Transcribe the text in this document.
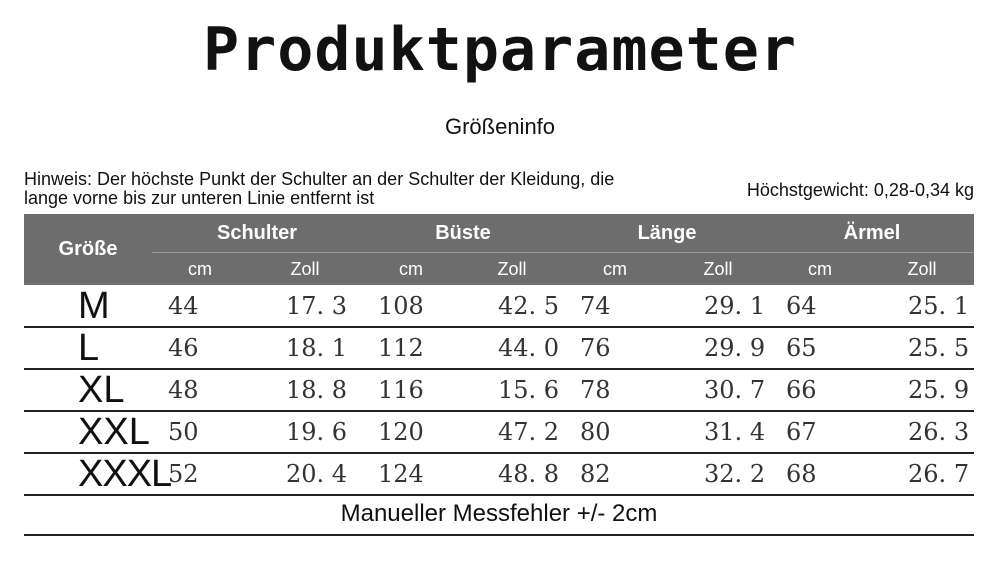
Produktparameter
Größeninfo
Hinweis: Der höchste Punkt der Schulter an der Schulter der Kleidung, die lange vorne bis zur unteren Linie entfernt ist	Höchstgewicht: 0,28-0,34 kg
Größe	Schulter		Büste		Länge		Ärmel	
	cm	Zoll	cm	Zoll	cm	Zoll	cm	Zoll
M	44	17. 3	108	42. 5	74	29. 1	64	25. 1
L	46	18. 1	112	44. 0	76	29. 9	65	25. 5
XL	48	18. 8	116	15. 6	78	30. 7	66	25. 9
XXL	50	19. 6	120	47. 2	80	31. 4	67	26. 3
XXXL	52	20. 4	124	48. 8	82	32. 2	68	26. 7
Manueller Messfehler +/- 2cm
